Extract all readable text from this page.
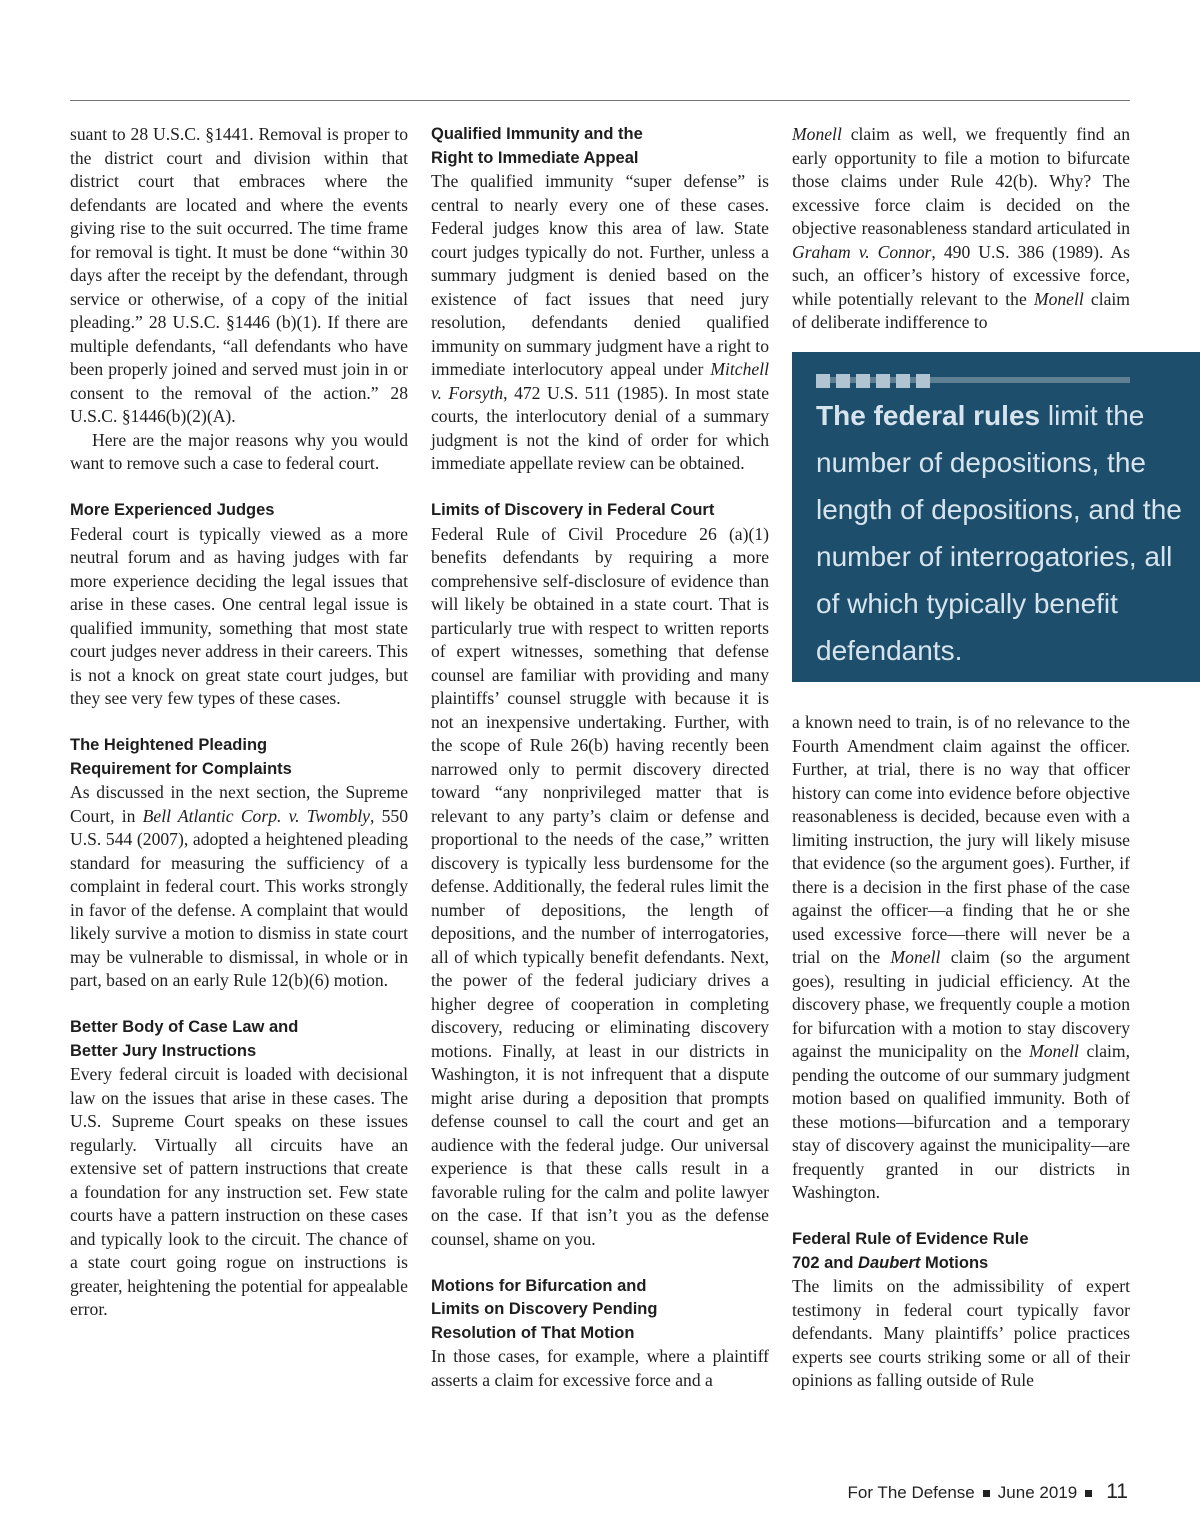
suant to 28 U.S.C. §1441. Removal is proper to the district court and division within that district court that embraces where the defendants are located and where the events giving rise to the suit occurred. The time frame for removal is tight. It must be done “within 30 days after the receipt by the defendant, through service or otherwise, of a copy of the initial pleading.” 28 U.S.C. §1446 (b)(1). If there are multiple defendants, “all defendants who have been properly joined and served must join in or consent to the removal of the action.” 28 U.S.C. §1446(b)(2)(A).

Here are the major reasons why you would want to remove such a case to federal court.

More Experienced Judges

Federal court is typically viewed as a more neutral forum and as having judges with far more experience deciding the legal issues that arise in these cases. One central legal issue is qualified immunity, something that most state court judges never address in their careers. This is not a knock on great state court judges, but they see very few types of these cases.

The Heightened Pleading
Requirement for Complaints

As discussed in the next section, the Supreme Court, in Bell Atlantic Corp. v. Twombly, 550 U.S. 544 (2007), adopted a heightened pleading standard for measuring the sufficiency of a complaint in federal court. This works strongly in favor of the defense. A complaint that would likely survive a motion to dismiss in state court may be vulnerable to dismissal, in whole or in part, based on an early Rule 12(b)(6) motion.

Better Body of Case Law and
Better Jury Instructions

Every federal circuit is loaded with decisional law on the issues that arise in these cases. The U.S. Supreme Court speaks on these issues regularly. Virtually all circuits have an extensive set of pattern instructions that create a foundation for any instruction set. Few state courts have a pattern instruction on these cases and typically look to the circuit. The chance of a state court going rogue on instructions is greater, heightening the potential for appealable error.

Qualified Immunity and the
Right to Immediate Appeal

The qualified immunity “super defense” is central to nearly every one of these cases. Federal judges know this area of law. State court judges typically do not. Further, unless a summary judgment is denied based on the existence of fact issues that need jury resolution, defendants denied qualified immunity on summary judgment have a right to immediate interlocutory appeal under Mitchell v. Forsyth, 472 U.S. 511 (1985). In most state courts, the interlocutory denial of a summary judgment is not the kind of order for which immediate appellate review can be obtained.

Limits of Discovery in Federal Court

Federal Rule of Civil Procedure 26 (a)(1) benefits defendants by requiring a more comprehensive self-disclosure of evidence than will likely be obtained in a state court. That is particularly true with respect to written reports of expert witnesses, something that defense counsel are familiar with providing and many plaintiffs’ counsel struggle with because it is not an inexpensive undertaking. Further, with the scope of Rule 26(b) having recently been narrowed only to permit discovery directed toward “any nonprivileged matter that is relevant to any party’s claim or defense and proportional to the needs of the case,” written discovery is typically less burdensome for the defense. Additionally, the federal rules limit the number of depositions, the length of depositions, and the number of interrogatories, all of which typically benefit defendants. Next, the power of the federal judiciary drives a higher degree of cooperation in completing discovery, reducing or eliminating discovery motions. Finally, at least in our districts in Washington, it is not infrequent that a dispute might arise during a deposition that prompts defense counsel to call the court and get an audience with the federal judge. Our universal experience is that these calls result in a favorable ruling for the calm and polite lawyer on the case. If that isn’t you as the defense counsel, shame on you.

Motions for Bifurcation and
Limits on Discovery Pending
Resolution of That Motion

In those cases, for example, where a plaintiff asserts a claim for excessive force and a

Monell claim as well, we frequently find an early opportunity to file a motion to bifurcate those claims under Rule 42(b). Why? The excessive force claim is decided on the objective reasonableness standard articulated in Graham v. Connor, 490 U.S. 386 (1989). As such, an officer’s history of excessive force, while potentially relevant to the Monell claim of deliberate indifference to

The federal rules limit the number of depositions, the length of depositions, and the number of interrogatories, all of which typically benefit defendants.

a known need to train, is of no relevance to the Fourth Amendment claim against the officer. Further, at trial, there is no way that officer history can come into evidence before objective reasonableness is decided, because even with a limiting instruction, the jury will likely misuse that evidence (so the argument goes). Further, if there is a decision in the first phase of the case against the officer—a finding that he or she used excessive force—there will never be a trial on the Monell claim (so the argument goes), resulting in judicial efficiency. At the discovery phase, we frequently couple a motion for bifurcation with a motion to stay discovery against the municipality on the Monell claim, pending the outcome of our summary judgment motion based on qualified immunity. Both of these motions—bifurcation and a temporary stay of discovery against the municipality—are frequently granted in our districts in Washington.

Federal Rule of Evidence Rule
702 and Daubert Motions

The limits on the admissibility of expert testimony in federal court typically favor defendants. Many plaintiffs’ police practices experts see courts striking some or all of their opinions as falling outside of Rule

For The Defense June 2019 11
